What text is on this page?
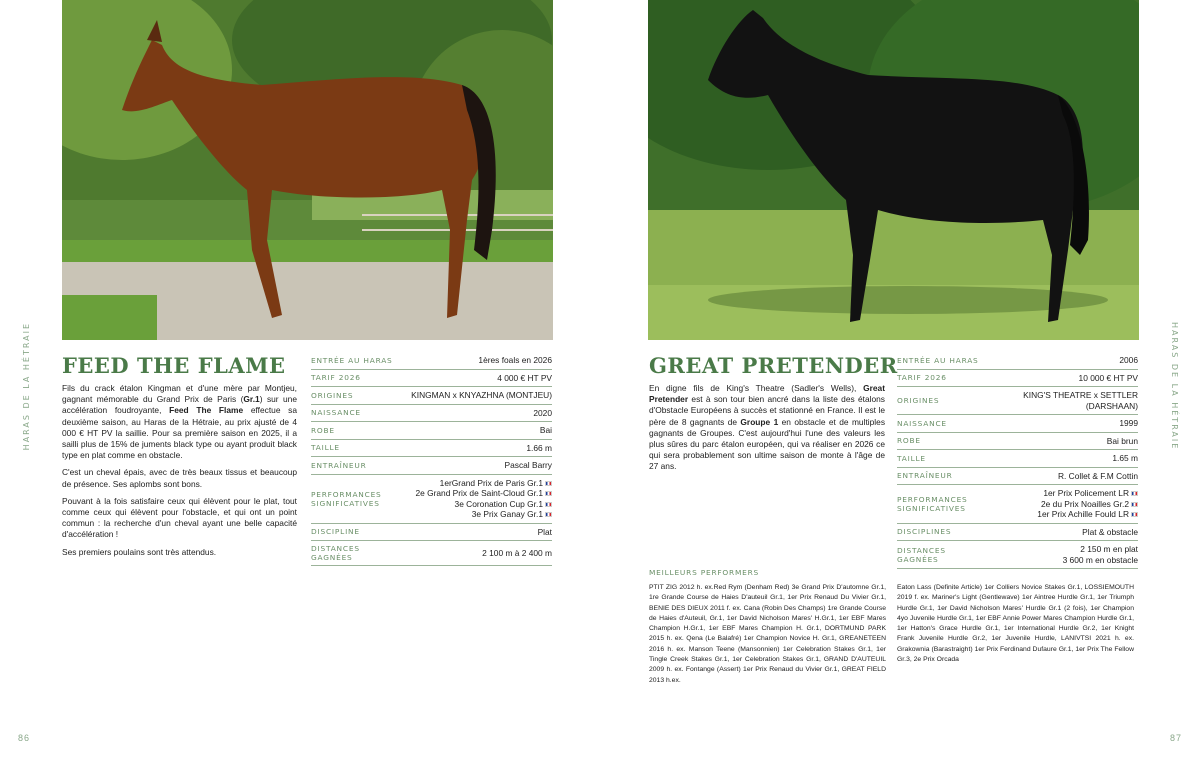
HARAS DE LA HÉTRAIE	HARAS DE LA HÉTRAIE
86	87
FEED THE FLAME

Fils du crack étalon Kingman et d'une mère par Montjeu, gagnant mémorable du Grand Prix de Paris (Gr.1) sur une accélération foudroyante, Feed The Flame effectue sa deuxième saison, au Haras de la Hétraie, au prix ajusté de 4 000 € HT PV la saillie. Pour sa première saison en 2025, il a sailli plus de 15% de juments black type ou ayant produit black type en plat comme en obstacle.

C'est un cheval épais, avec de très beaux tissus et beaucoup de présence. Ses aplombs sont bons.

Pouvant à la fois satisfaire ceux qui élèvent pour le plat, tout comme ceux qui élèvent pour l'obstacle, et qui ont un point commun : la recherche d'un cheval ayant une belle capacité d'accélération !

Ses premiers poulains sont très attendus.

ENTRÉE AU HARAS	1ères foals en 2026
TARIF 2026	4 000 € HT PV
ORIGINES	KINGMAN x KNYAZHNA (MONTJEU)
NAISSANCE	2020
ROBE	Bai
TAILLE	1.66 m
ENTRAÎNEUR	Pascal Barry
PERFORMANCES SIGNIFICATIVES
1erGrand Prix de Paris Gr.1
2e Grand Prix de Saint-Cloud Gr.1
3e Coronation Cup Gr.1
3e Prix Ganay Gr.1
DISCIPLINE	Plat
DISTANCES GAGNÉES	2 100 m à 2 400 m
GREAT PRETENDER

En digne fils de King's Theatre (Sadler's Wells), Great Pretender est à son tour bien ancré dans la liste des étalons d'Obstacle Européens à succès et stationné en France. Il est le père de 8 gagnants de Groupe 1 en obstacle et de multiples gagnants de Groupes. C'est aujourd'hui l'une des valeurs les plus sûres du parc étalon européen, qui va réaliser en 2026 ce qui sera probablement son ultime saison de monte à l'âge de 27 ans.

ENTRÉE AU HARAS	2006
TARIF 2026	10 000 € HT PV
ORIGINES
KING'S THEATRE x SETTLER
(DARSHAAN)
NAISSANCE	1999
ROBE	Bai brun
TAILLE	1.65 m
ENTRAÎNEUR	R. Collet & F.M Cottin
PERFORMANCES SIGNIFICATIVES
1er Prix Policement LR
2e du Prix Noailles Gr.2
1er Prix Achille Fould LR
DISCIPLINES	Plat & obstacle
DISTANCES GAGNÉES
2 150 m en plat
3 600 m en obstacle
MEILLEURS PERFORMERS
PTIT ZIG 2012 h. ex.Red Rym (Denham Red) 3e Grand Prix D'automne Gr.1, 1re Grande Course de Haies D'auteuil Gr.1, 1er Prix Renaud Du Vivier Gr.1, BENIE DES DIEUX 2011 f. ex. Cana (Robin Des Champs) 1re Grande Course de Haies d'Auteuil, Gr.1, 1er David Nicholson Mares' H.Gr.1, 1er EBF Mares Champion H.Gr.1, 1er EBF Mares Champion H. Gr.1, DORTMUND PARK 2015 h. ex. Qena (Le Balafré) 1er Champion Novice H. Gr.1, GREANETEEN 2016 h. ex. Manson Teene (Mansonnien) 1er Celebration Stakes Gr.1, 1er Tingle Creek Stakes Gr.1, 1er Celebration Stakes Gr.1, GRAND D'AUTEUIL 2009 h. ex. Fontange (Assert) 1er Prix Renaud du Vivier Gr.1, GREAT FIELD 2013 h.ex.
Eaton Lass (Definite Article) 1er Colliers Novice Stakes Gr.1, LOSSIEMOUTH 2019 f. ex. Mariner's Light (Gentlewave) 1er Aintree Hurdle Gr.1, 1er Triumph Hurdle Gr.1, 1er David Nicholson Mares' Hurdle Gr.1 (2 fois), 1er Champion 4yo Juvenile Hurdle Gr.1, 1er EBF Annie Power Mares Champion Hurdle Gr.1, 1er Hatton's Grace Hurdle Gr.1, 1er International Hurdle Gr.2, 1er Knight Frank Juvenile Hurdle Gr.2, 1er Juvenile Hurdle, LANIVTSI 2021 h. ex. Grakownia (Barastraight) 1er Prix Ferdinand Dufaure Gr.1, 1er Prix The Fellow Gr.3, 2e Prix Orcada
